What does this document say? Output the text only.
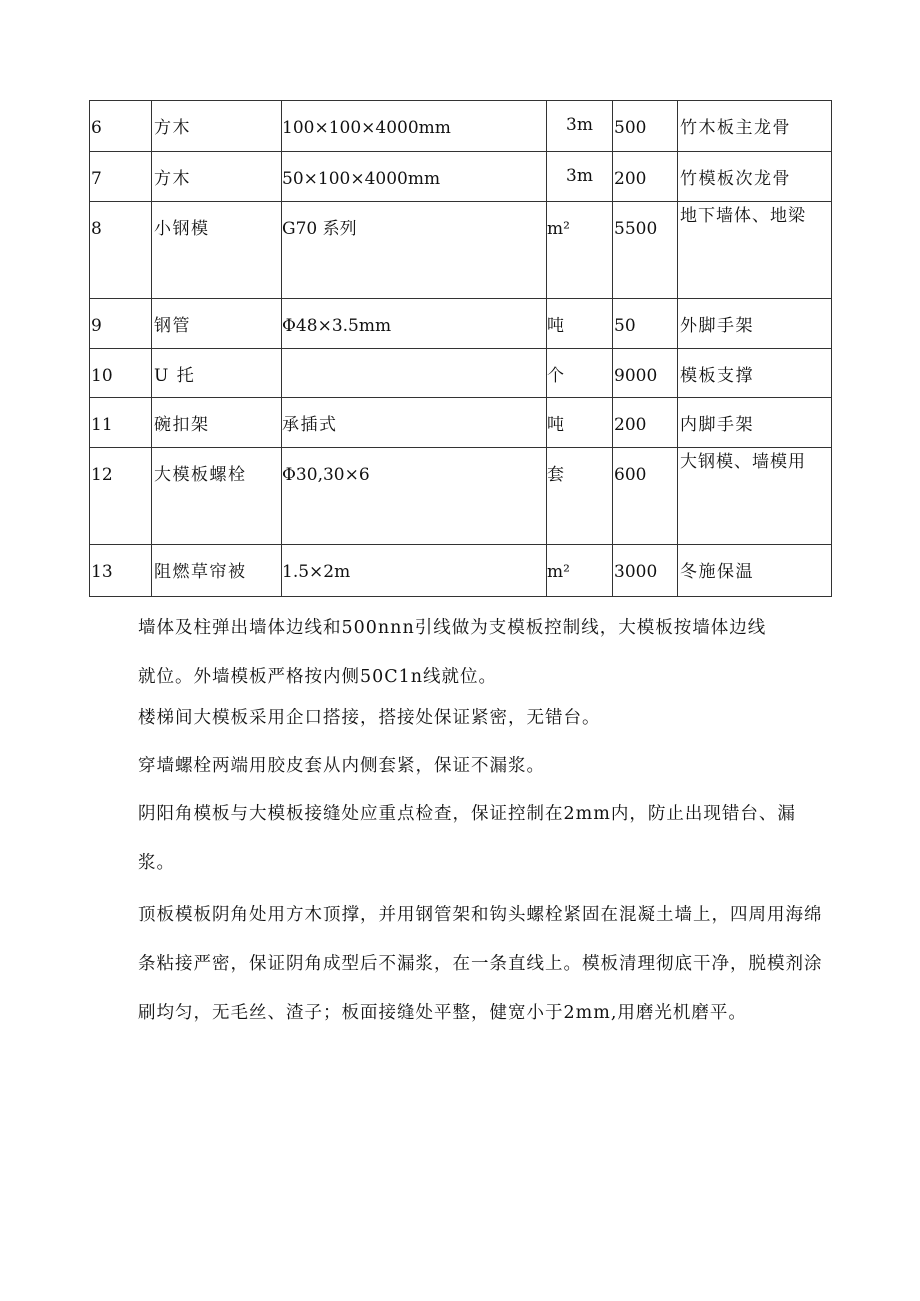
6	方木	100×100×4000mm	3m	500	竹木板主龙骨

7	方木	50×100×4000mm	3m	200	竹模板次龙骨

8	小钢模	G70 系列	m²	5500	地下墙体、地梁

9	钢管	Φ48×3.5mm	吨	50	外脚手架

10	U 托		个	9000	模板支撑

11	碗扣架	承插式	吨	200	内脚手架

12	大模板螺栓	Φ30,30×6	套	600	大钢模、墙模用

13	阻燃草帘被	1.5×2m	m²	3000	冬施保温
墙体及柱弹出墙体边线和500nnn引线做为支模板控制线，大模板按墙体边线就位。外墙模板严格按内侧50C1n线就位。
楼梯间大模板采用企口搭接，搭接处保证紧密，无错台。
穿墙螺栓两端用胶皮套从内侧套紧，保证不漏浆。
阴阳角模板与大模板接缝处应重点检查，保证控制在2mm内，防止出现错台、漏浆。
顶板模板阴角处用方木顶撑，并用钢管架和钩头螺栓紧固在混凝土墙上，四周用海绵条粘接严密，保证阴角成型后不漏浆，在一条直线上。模板清理彻底干净，脱模剂涂刷均匀，无毛丝、渣子；板面接缝处平整，健宽小于2mm,用磨光机磨平。
